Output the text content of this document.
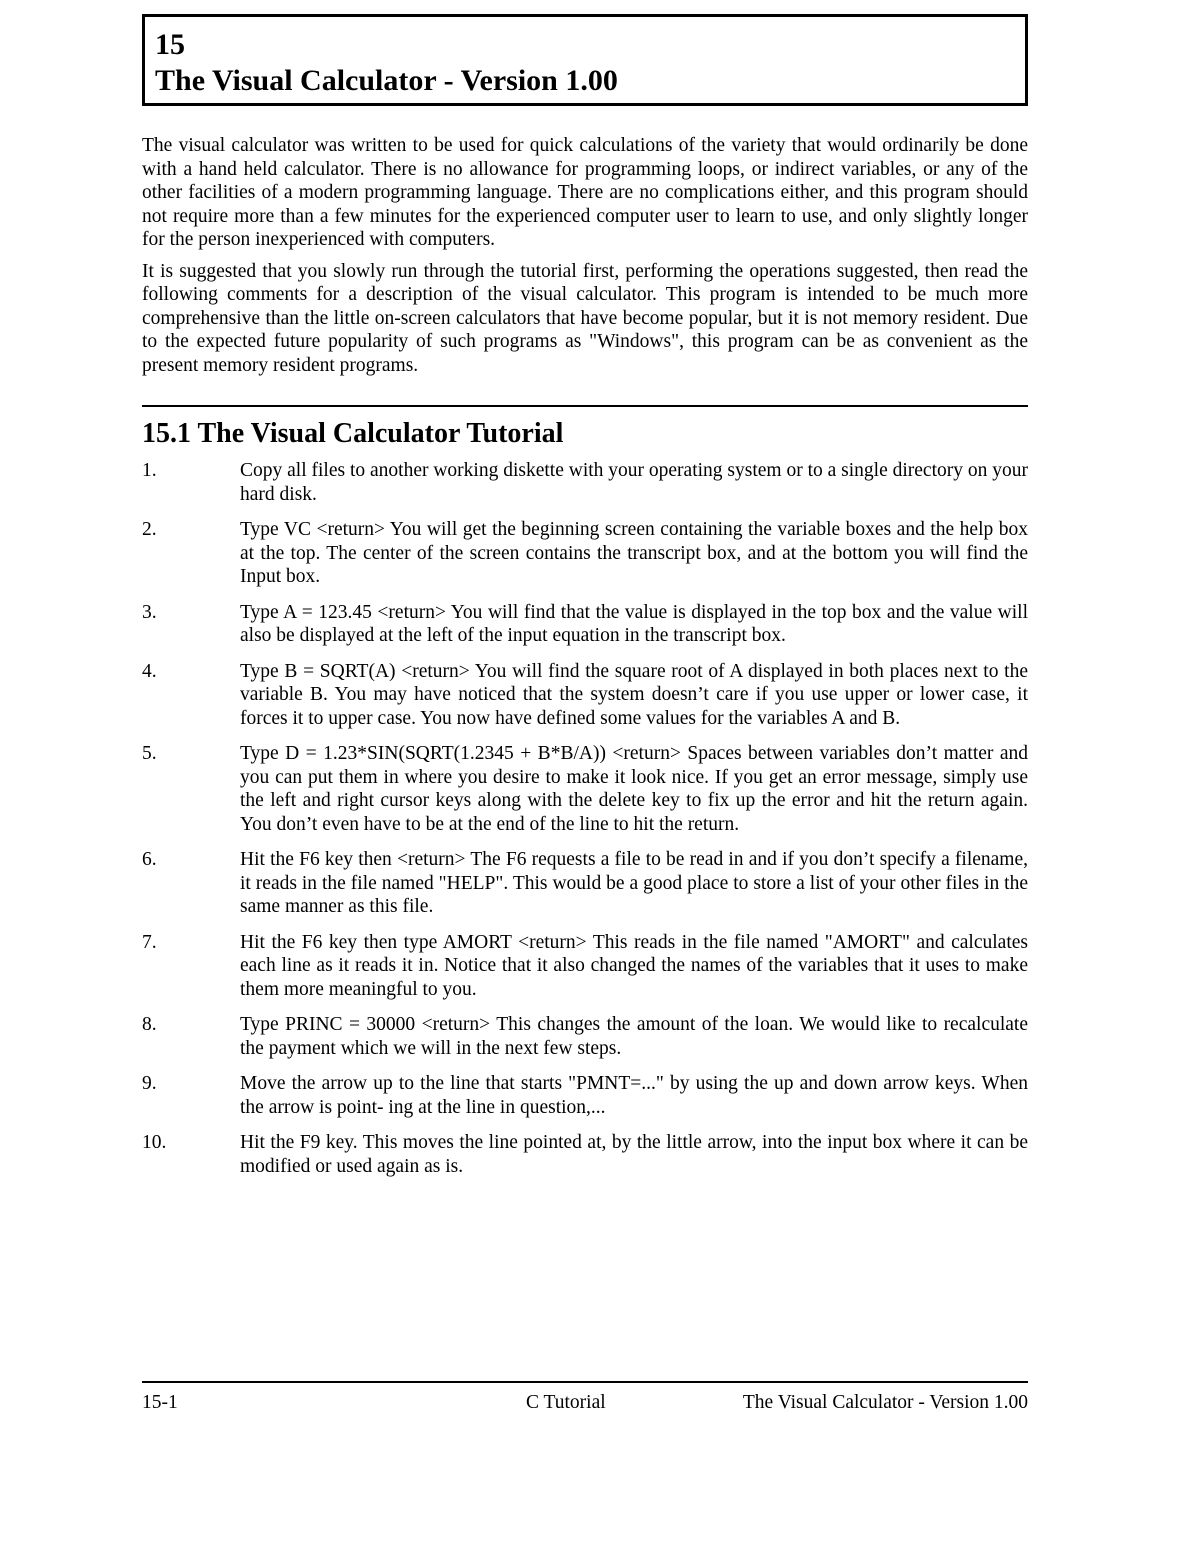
15
The Visual Calculator - Version 1.00

The visual calculator was written to be used for quick calculations of the variety that would ordinarily be done with a hand held calculator. There is no allowance for programming loops, or indirect variables, or any of the other facilities of a modern programming language. There are no complications either, and this program should not require more than a few minutes for the experienced computer user to learn to use, and only slightly longer for the person inexperienced with computers.

It is suggested that you slowly run through the tutorial first, performing the operations suggested, then read the following comments for a description of the visual calculator. This program is intended to be much more comprehensive than the little on-screen calculators that have become popular, but it is not memory resident. Due to the expected future popularity of such programs as "Windows", this program can be as convenient as the present memory resident programs.

15.1 The Visual Calculator Tutorial
1.	Copy all files to another working diskette with your operating system or to a single directory on your hard disk.
2.	Type VC <return> You will get the beginning screen containing the variable boxes and the help box at the top. The center of the screen contains the transcript box, and at the bottom you will find the Input box.
3.	Type A = 123.45 <return> You will find that the value is displayed in the top box and the value will also be displayed at the left of the input equation in the transcript box.
4.	Type B = SQRT(A) <return> You will find the square root of A displayed in both places next to the variable B. You may have noticed that the system doesn’t care if you use upper or lower case, it forces it to upper case. You now have defined some values for the variables A and B.
5.	Type D = 1.23*SIN(SQRT(1.2345 + B*B/A)) <return> Spaces between variables don’t matter and you can put them in where you desire to make it look nice. If you get an error message, simply use the left and right cursor keys along with the delete key to fix up the error and hit the return again. You don’t even have to be at the end of the line to hit the return.
6.	Hit the F6 key then <return> The F6 requests a file to be read in and if you don’t specify a filename, it reads in the file named "HELP". This would be a good place to store a list of your other files in the same manner as this file.
7.	Hit the F6 key then type AMORT <return> This reads in the file named "AMORT" and calculates each line as it reads it in. Notice that it also changed the names of the variables that it uses to make them more meaningful to you.
8.	Type PRINC = 30000 <return> This changes the amount of the loan. We would like to recalculate the payment which we will in the next few steps.
9.	Move the arrow up to the line that starts "PMNT=..." by using the up and down arrow keys. When the arrow is point- ing at the line in question,...
10.	Hit the F9 key. This moves the line pointed at, by the little arrow, into the input box where it can be modified or used again as is.
15-1	C Tutorial	The Visual Calculator - Version 1.00
